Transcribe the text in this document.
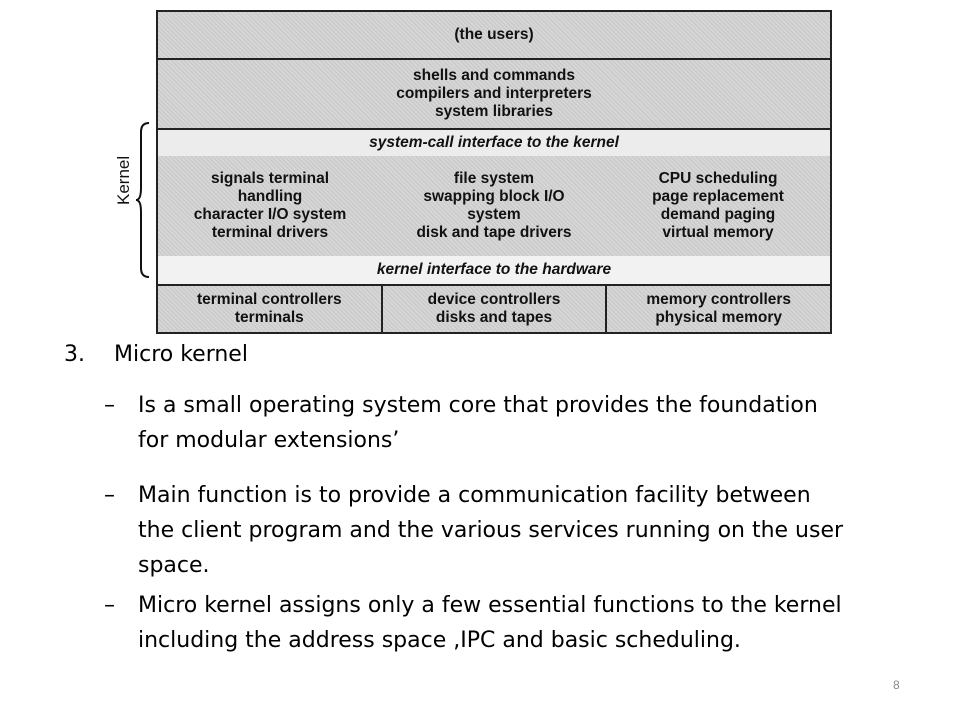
(the users)
shells and commands
compilers and interpreters
system libraries
system-call interface to the kernel
signals terminal
handling
character I/O system
terminal drivers
file system
swapping block I/O
system
disk and tape drivers
CPU scheduling
page replacement
demand paging
virtual memory
kernel interface to the hardware
terminal controllers
terminals
device controllers
disks and tapes
memory controllers
physical memory
Kernel
3. Micro kernel
– Is a small operating system core that provides the foundation for modular extensions’
– Main function is to provide a communication facility between the client program and the various services running on the user space.
– Micro kernel assigns only a few essential functions to the kernel including the address space ,IPC and basic scheduling.
8
